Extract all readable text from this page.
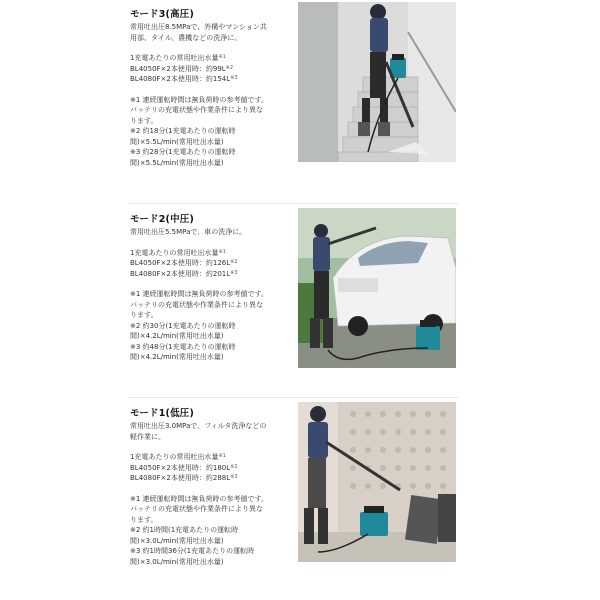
モード3(高圧)

常用吐出圧8.5MPaで、外構やマンション共

用部、タイル、農機などの洗浄に。

1充電あたりの常用吐出水量$^{※1}$

BL4050F×2本使用時：約$99L^{※2}$

BL4080F×2本使用時：約$154L^{※3}$

※1 連続運転時間は無負荷時の参考値です。

バッテリの充電状態や作業条件により異な

ります。

※2 約18分(1充電あたりの運転時

間)×5.5L/min(常用吐出水量)

※3 約28分(1充電あたりの運転時

間)×5.5L/min(常用吐出水量)

モード2(中圧)

常用吐出圧5.5MPaで、車の洗浄に。

1充電あたりの常用吐出水量$^{※1}$

BL4050F×2本使用時：約$126L^{※2}$

BL4080F×2本使用時：約$201L^{※3}$

※1 連続運転時間は無負荷時の参考値です。

バッテリの充電状態や作業条件により異な

ります。

※2 約30分(1充電あたりの運転時

間)×4.2L/min(常用吐出水量)

※3 約48分(1充電あたりの運転時

間)×4.2L/min(常用吐出水量)

モード1(低圧)

常用吐出圧3.0MPaで、フィルタ洗浄などの

軽作業に。

1充電あたりの常用吐出水量$^{※1}$

BL4050F×2本使用時：約$180L^{※2}$

BL4080F×2本使用時：約$288L^{※3}$

※1 連続運転時間は無負荷時の参考値です。

バッテリの充電状態や作業条件により異な

ります。

※2 約1時間(1充電あたりの運転時

間)×3.0L/min(常用吐出水量)

※3 約1時間36分(1充電あたりの運転時

間)×3.0L/min(常用吐出水量)
